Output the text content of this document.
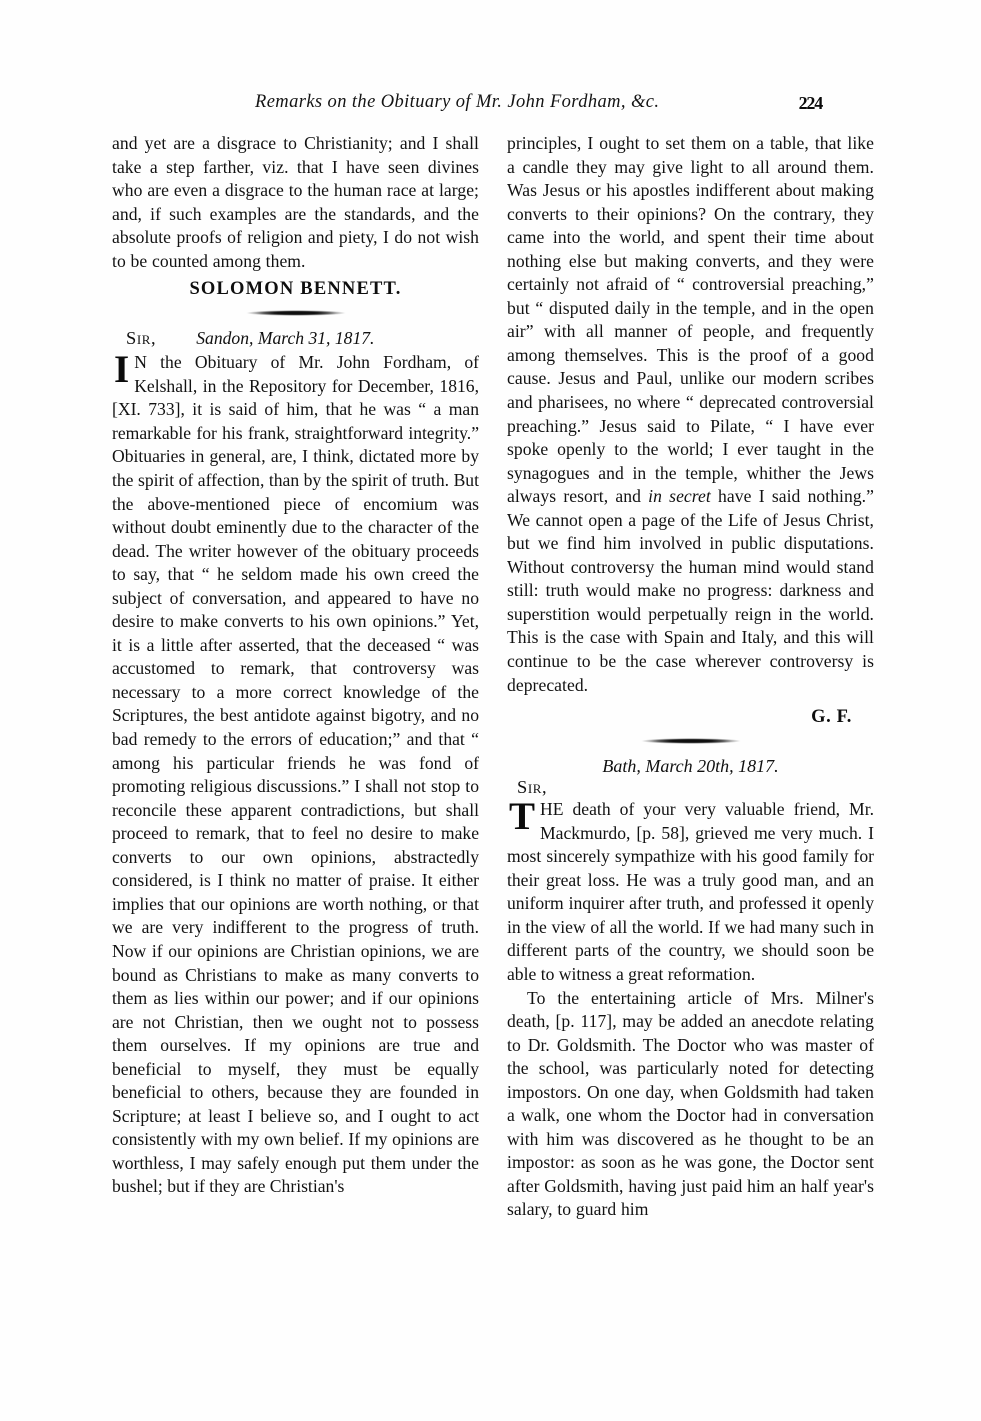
Remarks on the Obituary of Mr. John Fordham, &c.	224

and yet are a disgrace to Christianity; and I shall take a step farther, viz. that I have seen divines who are even a disgrace to the human race at large; and, if such examples are the standards, and the absolute proofs of religion and piety, I do not wish to be counted among them.

SOLOMON BENNETT.
Sir, Sandon, March 31, 1817.

I N the Obituary of Mr. John Fordham, of Kelshall, in the Repository for December, 1816, [XI. 733], it is said of him, that he was “ a man remarkable for his frank, straightforward integrity.” Obituaries in general, are, I think, dictated more by the spirit of affection, than by the spirit of truth. But the above-mentioned piece of encomium was without doubt eminently due to the character of the dead. The writer however of the obituary proceeds to say, that “ he seldom made his own creed the subject of conversation, and appeared to have no desire to make converts to his own opinions.” Yet, it is a little after asserted, that the deceased “ was accustomed to remark, that controversy was necessary to a more correct knowledge of the Scriptures, the best antidote against bigotry, and no bad remedy to the errors of education;” and that “ among his particular friends he was fond of promoting religious discussions.” I shall not stop to reconcile these apparent contradictions, but shall proceed to remark, that to feel no desire to make converts to our own opinions, abstractedly considered, is I think no matter of praise. It either implies that our opinions are worth nothing, or that we are very indifferent to the progress of truth. Now if our opinions are Christian opinions, we are bound as Christians to make as many converts to them as lies within our power; and if our opinions are not Christian, then we ought not to possess them ourselves. If my opinions are true and beneficial to myself, they must be equally beneficial to others, because they are founded in Scripture; at least I believe so, and I ought to act consistently with my own belief. If my opinions are worthless, I may safely enough put them under the bushel; but if they are Christian's

principles, I ought to set them on a table, that like a candle they may give light to all around them. Was Jesus or his apostles indifferent about making converts to their opinions? On the contrary, they came into the world, and spent their time about nothing else but making converts, and they were certainly not afraid of “ controversial preaching,” but “ disputed daily in the temple, and in the open air” with all manner of people, and frequently among themselves. This is the proof of a good cause. Jesus and Paul, unlike our modern scribes and pharisees, no where “ deprecated controversial preaching.” Jesus said to Pilate, “ I have ever spoke openly to the world; I ever taught in the synagogues and in the temple, whither the Jews always resort, and in secret have I said nothing.” We cannot open a page of the Life of Jesus Christ, but we find him involved in public disputations. Without controversy the human mind would stand still: truth would make no progress: darkness and superstition would perpetually reign in the world. This is the case with Spain and Italy, and this will continue to be the case wherever controversy is deprecated.

G. F.
Bath, March 20th, 1817.
Sir,

THE death of your very valuable friend, Mr. Mackmurdo, [p. 58], grieved me very much. I most sincerely sympathize with his good family for their great loss. He was a truly good man, and an uniform inquirer after truth, and professed it openly in the view of all the world. If we had many such in different parts of the country, we should soon be able to witness a great reformation.

To the entertaining article of Mrs. Milner's death, [p. 117], may be added an anecdote relating to Dr. Goldsmith. The Doctor who was master of the school, was particularly noted for detecting impostors. On one day, when Goldsmith had taken a walk, one whom the Doctor had in conversation with him was discovered as he thought to be an impostor: as soon as he was gone, the Doctor sent after Goldsmith, having just paid him an half year's salary, to guard him
